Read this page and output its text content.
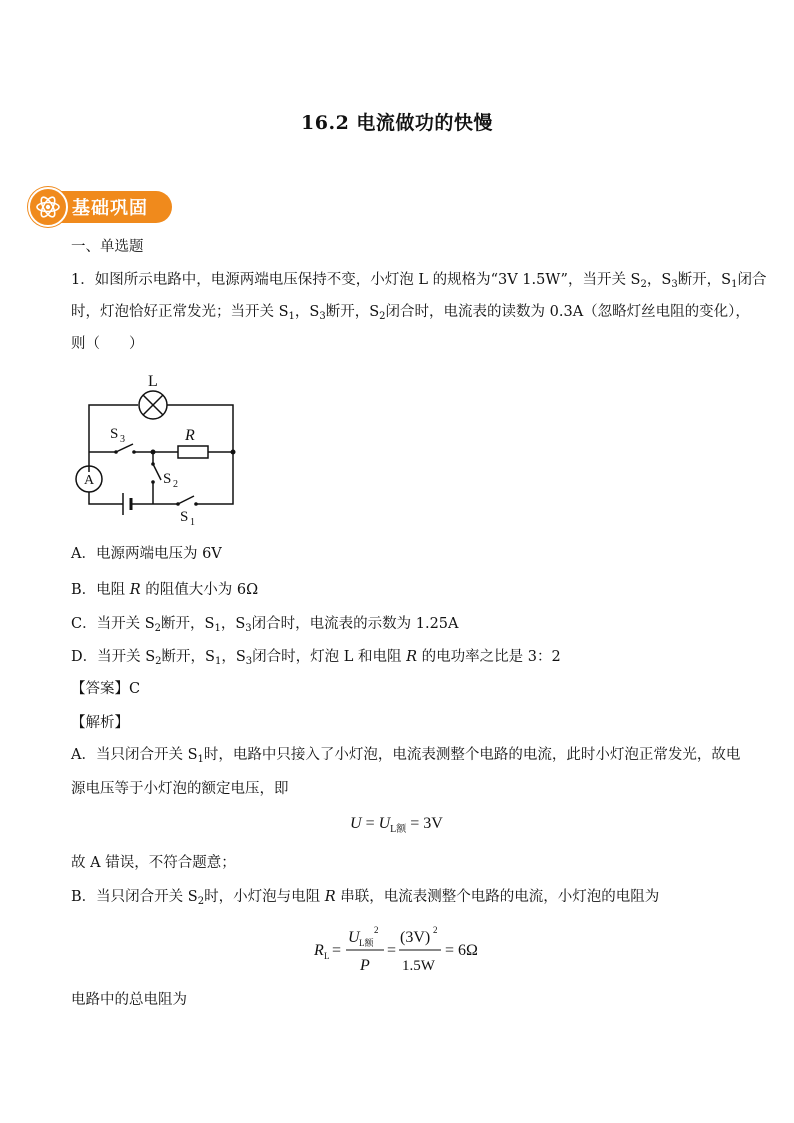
16.2 电流做功的快慢
基础巩固
一、单选题
1．如图所示电路中，电源两端电压保持不变，小灯泡 L 的规格为“3V 1.5W”，当开关 $S_2$，$S_3$断开，$S_1$闭合
时，灯泡恰好正常发光；当开关 $S_1$，$S_3$断开，$S_2$闭合时，电流表的读数为 0.3A（忽略灯丝电阻的变化），
则（　　）
L
R
A
S 3
S 2
S 1
A．电源两端电压为 6V
B．电阻 R 的阻值大小为 6Ω
C．当开关 $S_2$断开，$S_1$，$S_3$闭合时，电流表的示数为 1.25A
D．当开关 $S_2$断开，$S_1$，$S_3$闭合时，灯泡 L 和电阻 R 的电功率之比是 3：2
【答案】C
【解析】
A．当只闭合开关 $S_1$时，电路中只接入了小灯泡，电流表测整个电路的电流，此时小灯泡正常发光，故电
源电压等于小灯泡的额定电压，即
$U = U_{L额} = 3V$
故 A 错误，不符合题意；
B．当只闭合开关 $S_2$时，小灯泡与电阻 R 串联，电流表测整个电路的电流，小灯泡的电阻为
R L =
U L额
2
P
=
(3V) 2
1.5W
= 6Ω
电路中的总电阻为
